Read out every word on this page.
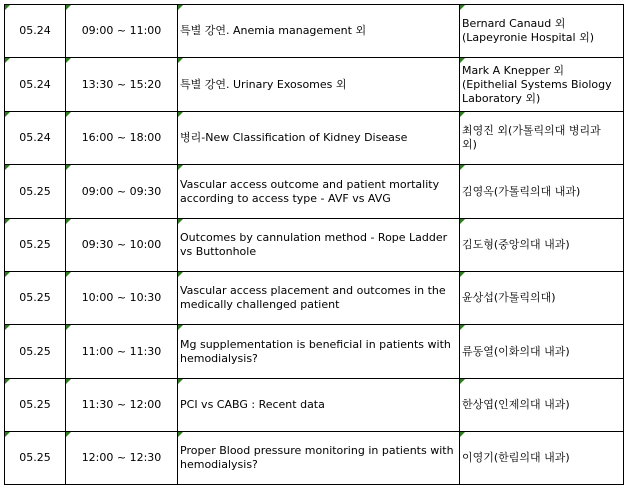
05.24	09:00 ~ 11:00	특별 강연. Anemia management 외	Bernard Canaud 외
(Lapeyronie Hospital 외)

05.24	13:30 ~ 15:20	특별 강연. Urinary Exosomes 외	Mark A Knepper 외
(Epithelial Systems Biology
Laboratory 외)

05.24	16:00 ~ 18:00	병리-New Classification of Kidney Disease	최영진 외(가톨릭의대 병리과
외)

05.25	09:00 ~ 09:30	Vascular access outcome and patient mortality
according to access type - AVF vs AVG	김영옥(가톨릭의대 내과)

05.25	09:30 ~ 10:00	Outcomes by cannulation method - Rope Ladder
vs Buttonhole	김도형(중앙의대 내과)

05.25	10:00 ~ 10:30	Vascular access placement and outcomes in the
medically challenged patient	윤상섭(가톨릭의대)

05.25	11:00 ~ 11:30	Mg supplementation is beneficial in patients with
hemodialysis?	류동열(이화의대 내과)

05.25	11:30 ~ 12:00	PCI vs CABG : Recent data	한상엽(인제의대 내과)

05.25	12:00 ~ 12:30	Proper Blood pressure monitoring in patients with
hemodialysis?	이영기(한림의대 내과)
